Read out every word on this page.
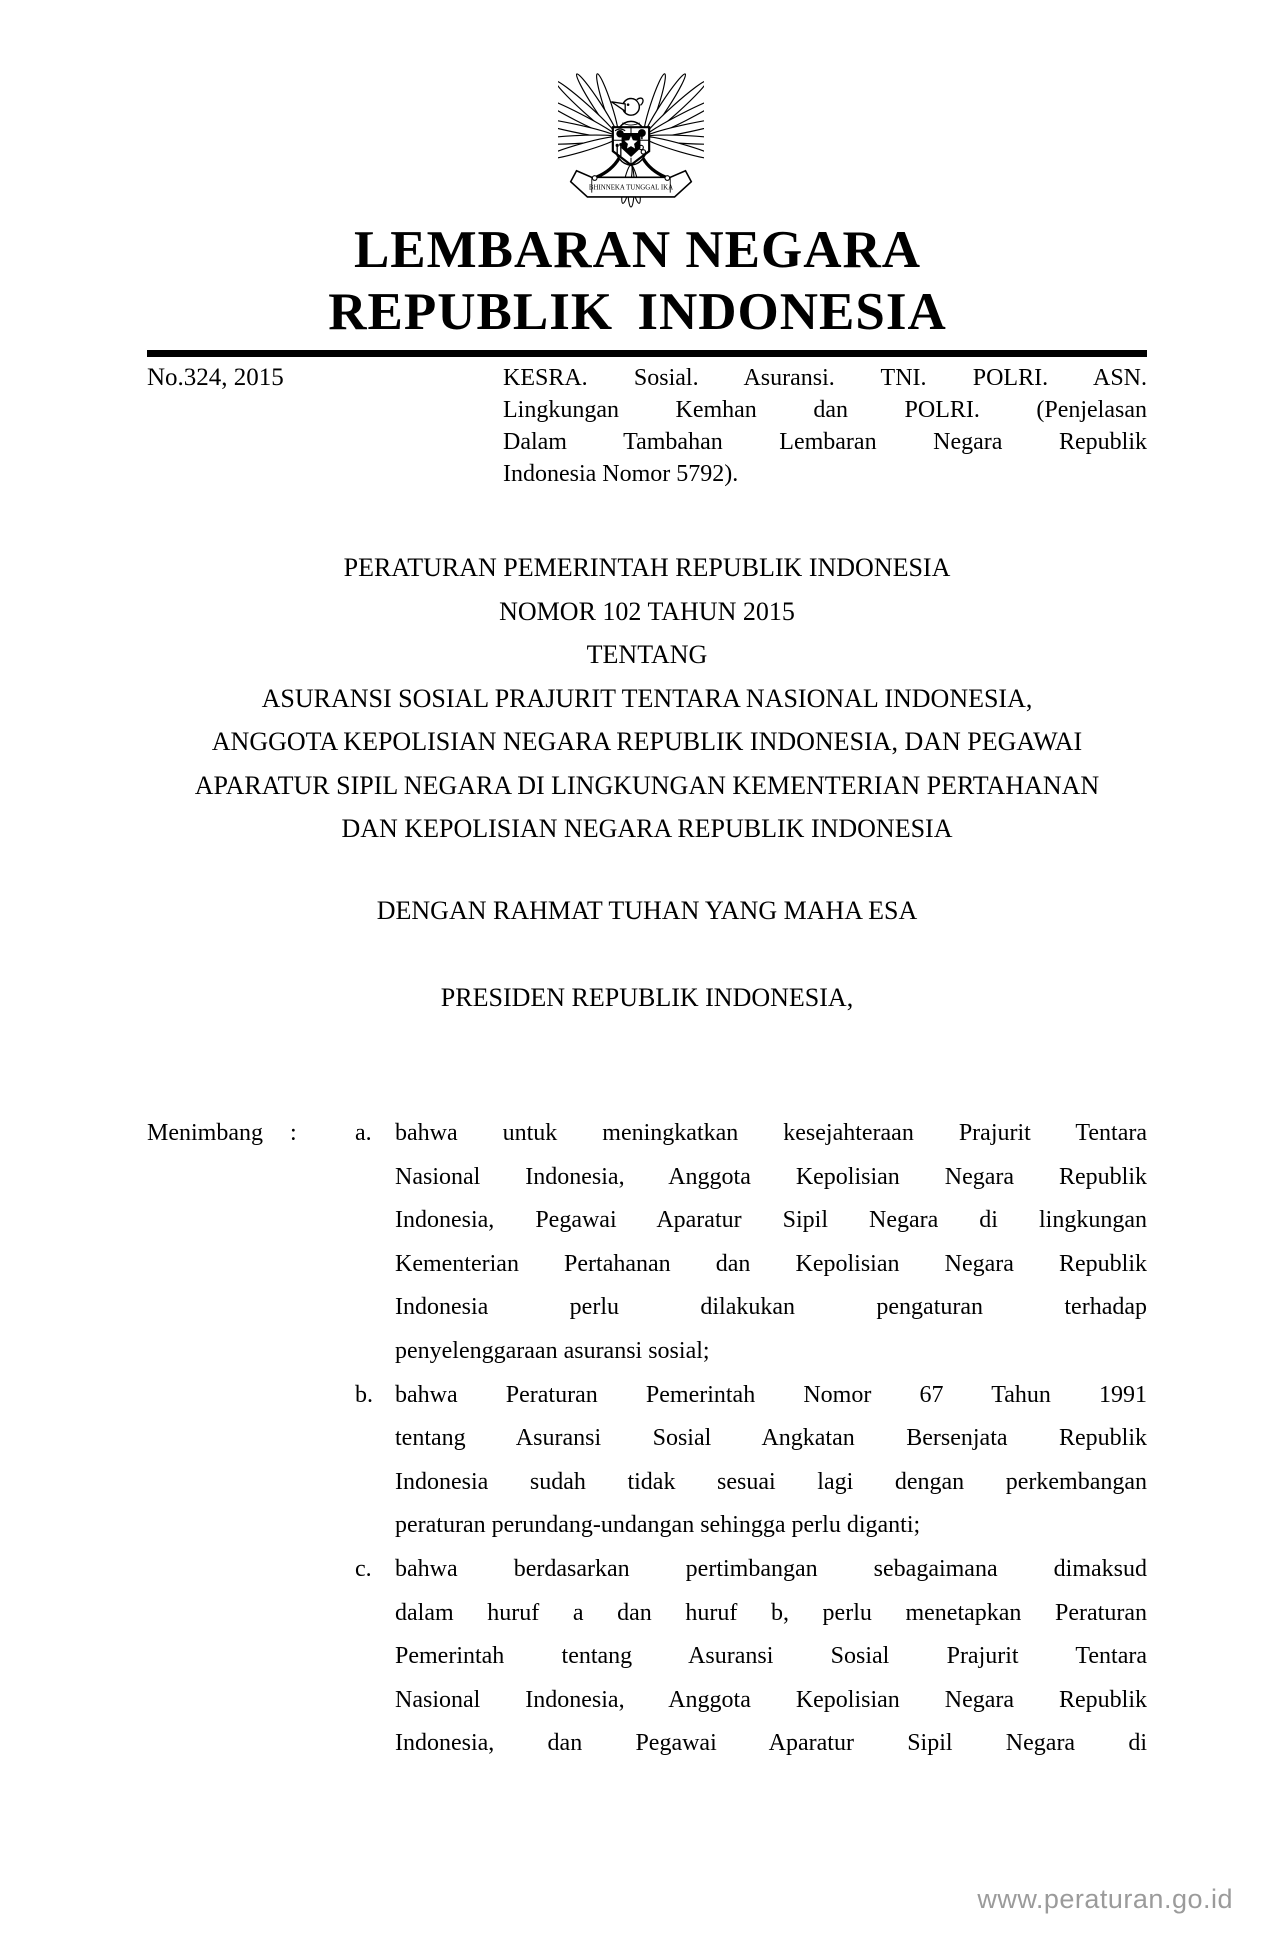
BHINNEKA TUNGGAL IKA
LEMBARAN NEGARA
REPUBLIK INDONESIA
No.324, 2015	KESRA. Sosial. Asuransi. TNI. POLRI. ASN.
Lingkungan Kemhan dan POLRI. (Penjelasan
Dalam Tambahan Lembaran Negara Republik
Indonesia Nomor 5792).
PERATURAN PEMERINTAH REPUBLIK INDONESIA
NOMOR 102 TAHUN 2015
TENTANG
ASURANSI SOSIAL PRAJURIT TENTARA NASIONAL INDONESIA,
ANGGOTA KEPOLISIAN NEGARA REPUBLIK INDONESIA, DAN PEGAWAI
APARATUR SIPIL NEGARA DI LINGKUNGAN KEMENTERIAN PERTAHANAN
DAN KEPOLISIAN NEGARA REPUBLIK INDONESIA
DENGAN RAHMAT TUHAN YANG MAHA ESA
PRESIDEN REPUBLIK INDONESIA,
Menimbang	:	a. bahwa untuk meningkatkan kesejahteraan Prajurit Tentara
Nasional Indonesia, Anggota Kepolisian Negara Republik
Indonesia, Pegawai Aparatur Sipil Negara di lingkungan
Kementerian Pertahanan dan Kepolisian Negara Republik
Indonesia perlu dilakukan pengaturan terhadap
penyelenggaraan asuransi sosial;
b. bahwa Peraturan Pemerintah Nomor 67 Tahun 1991
tentang Asuransi Sosial Angkatan Bersenjata Republik
Indonesia sudah tidak sesuai lagi dengan perkembangan
peraturan perundang-undangan sehingga perlu diganti;
c. bahwa berdasarkan pertimbangan sebagaimana dimaksud
dalam huruf a dan huruf b, perlu menetapkan Peraturan
Pemerintah tentang Asuransi Sosial Prajurit Tentara
Nasional Indonesia, Anggota Kepolisian Negara Republik
Indonesia, dan Pegawai Aparatur Sipil Negara di
www.peraturan.go.id
